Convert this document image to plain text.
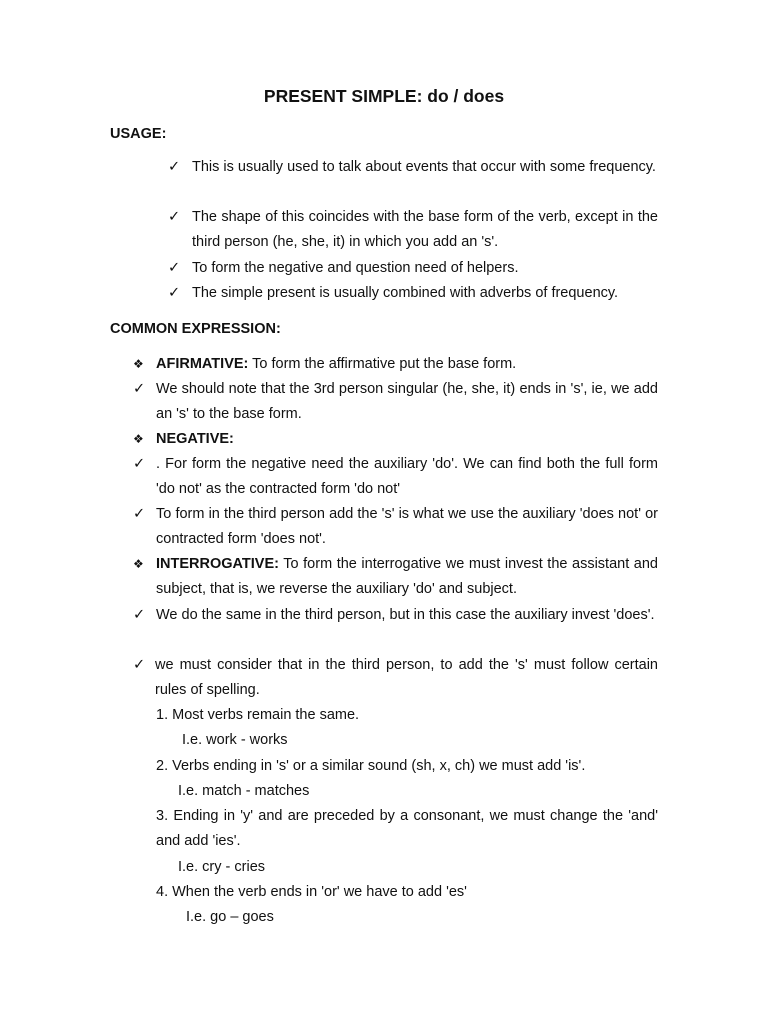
PRESENT SIMPLE: do / does
USAGE:
✓ This is usually used to talk about events that occur with some frequency.
✓ The shape of this coincides with the base form of the verb, except in the third person (he, she, it) in which you add an 's'.
✓ To form the negative and question need of helpers.
✓ The simple present is usually combined with adverbs of frequency.
COMMON EXPRESSION:
❖ AFIRMATIVE: To form the affirmative put the base form.
✓ We should note that the 3rd person singular (he, she, it) ends in 's', ie, we add an 's' to the base form.
❖ NEGATIVE:
✓ . For form the negative need the auxiliary 'do'. We can find both the full form 'do not' as the contracted form 'do not'
✓ To form in the third person add the 's' is what we use the auxiliary 'does not' or contracted form 'does not'.
❖ INTERROGATIVE: To form the interrogative we must invest the assistant and subject, that is, we reverse the auxiliary 'do' and subject.
✓ We do the same in the third person, but in this case the auxiliary invest 'does'.
✓ we must consider that in the third person, to add the 's' must follow certain rules of spelling.
1. Most verbs remain the same.
I.e. work - works
2. Verbs ending in 's' or a similar sound (sh, x, ch) we must add 'is'.
I.e. match - matches
3. Ending in 'y' and are preceded by a consonant, we must change the 'and' and add 'ies'.
I.e. cry - cries
4. When the verb ends in 'or' we have to add 'es'
I.e. go – goes
